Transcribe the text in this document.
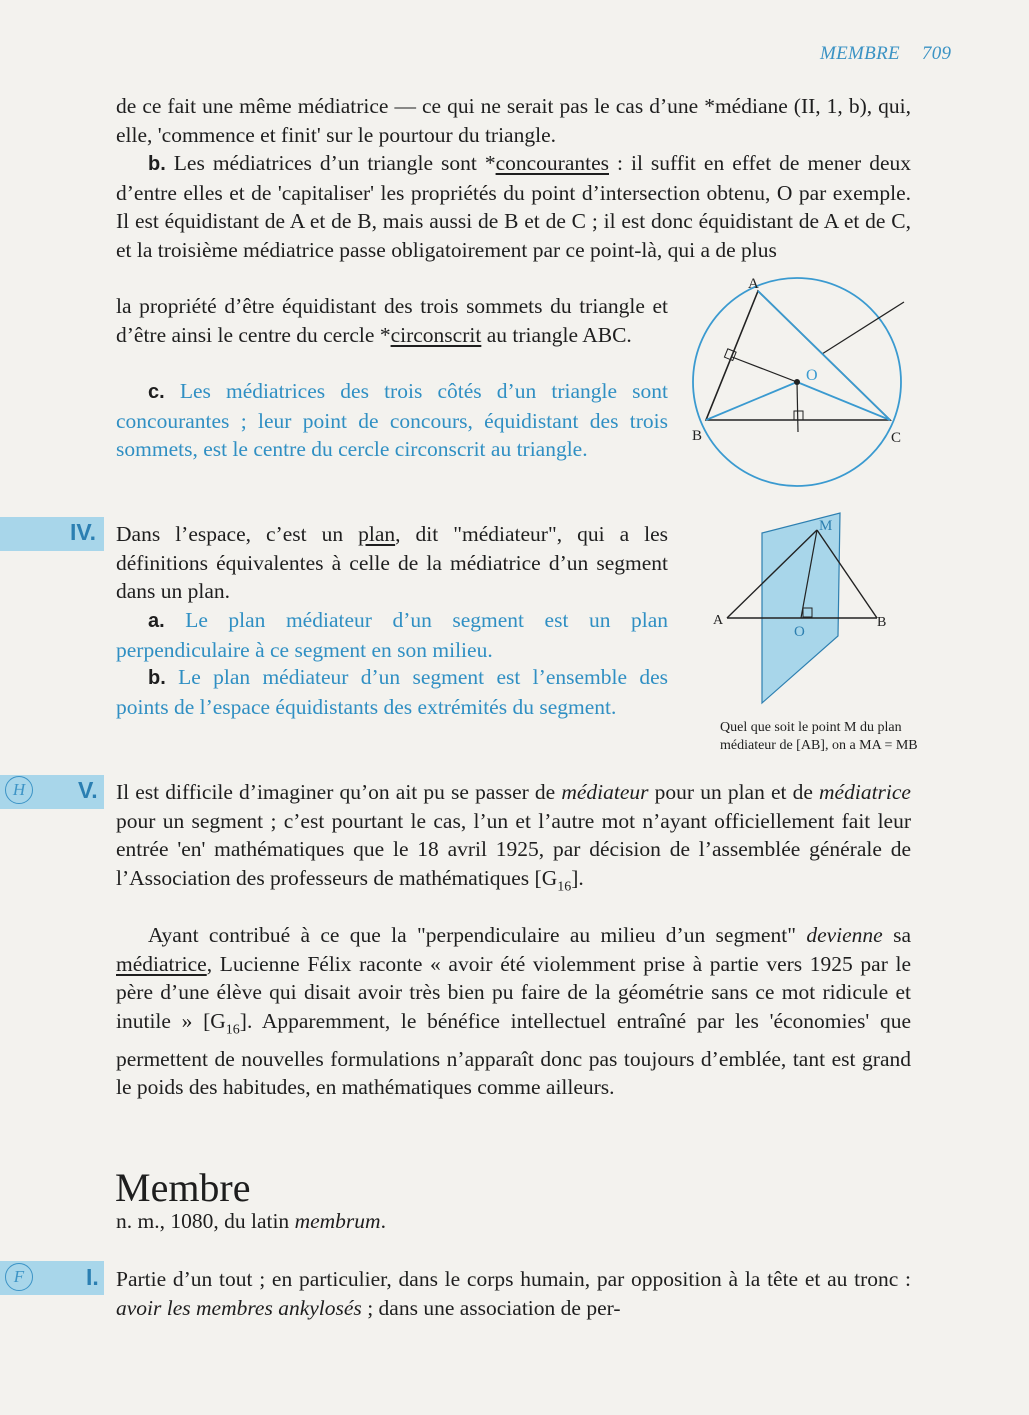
MEMBRE 709
de ce fait une même médiatrice — ce qui ne serait pas le cas d’une *médiane (II, 1, b), qui, elle, 'commence et finit' sur le pourtour du triangle.
b. Les médiatrices d’un triangle sont *concourantes : il suffit en effet de mener deux d’entre elles et de 'capitaliser' les propriétés du point d’intersection obtenu, O par exemple. Il est équidistant de A et de B, mais aussi de B et de C ; il est donc équidistant de A et de C, et la troisième médiatrice passe obligatoirement par ce point-là, qui a de plus
la propriété d’être équidistant des trois sommets du triangle et d’être ainsi le centre du cercle *circonscrit au triangle ABC.
c. Les médiatrices des trois côtés d’un triangle sont concourantes ; leur point de concours, équidistant des trois sommets, est le centre du cercle circonscrit au triangle.
A
B	C
O
IV. Dans l’espace, c’est un plan, dit "médiateur", qui a les définitions équivalentes à celle de la médiatrice d’un segment dans un plan.
a. Le plan médiateur d’un segment est un plan perpendiculaire à ce segment en son milieu.
b. Le plan médiateur d’un segment est l’ensemble des points de l’espace équidistants des extrémités du segment.
M
A	B
O
Quel que soit le point M du plan médiateur de [AB], on a MA = MB
H	V. Il est difficile d’imaginer qu’on ait pu se passer de médiateur pour un plan et de médiatrice pour un segment ; c’est pourtant le cas, l’un et l’autre mot n’ayant officiellement fait leur entrée 'en' mathématiques que le 18 avril 1925, par décision de l’assemblée générale de l’Association des professeurs de mathématiques $[G_{16}]$.
Ayant contribué à ce que la "perpendiculaire au milieu d’un segment" devienne sa médiatrice, Lucienne Félix raconte « avoir été violemment prise à partie vers 1925 par le père d’une élève qui disait avoir très bien pu faire de la géométrie sans ce mot ridicule et inutile » $[G_{16}]$. Apparemment, le bénéfice intellectuel entraîné par les 'économies' que permettent de nouvelles formulations n’apparaît donc pas toujours d’emblée, tant est grand le poids des habitudes, en mathématiques comme ailleurs.
Membre
n. m., 1080, du latin membrum.
F	I. Partie d’un tout ; en particulier, dans le corps humain, par opposition à la tête et au tronc : avoir les membres ankylosés ; dans une association de per-
